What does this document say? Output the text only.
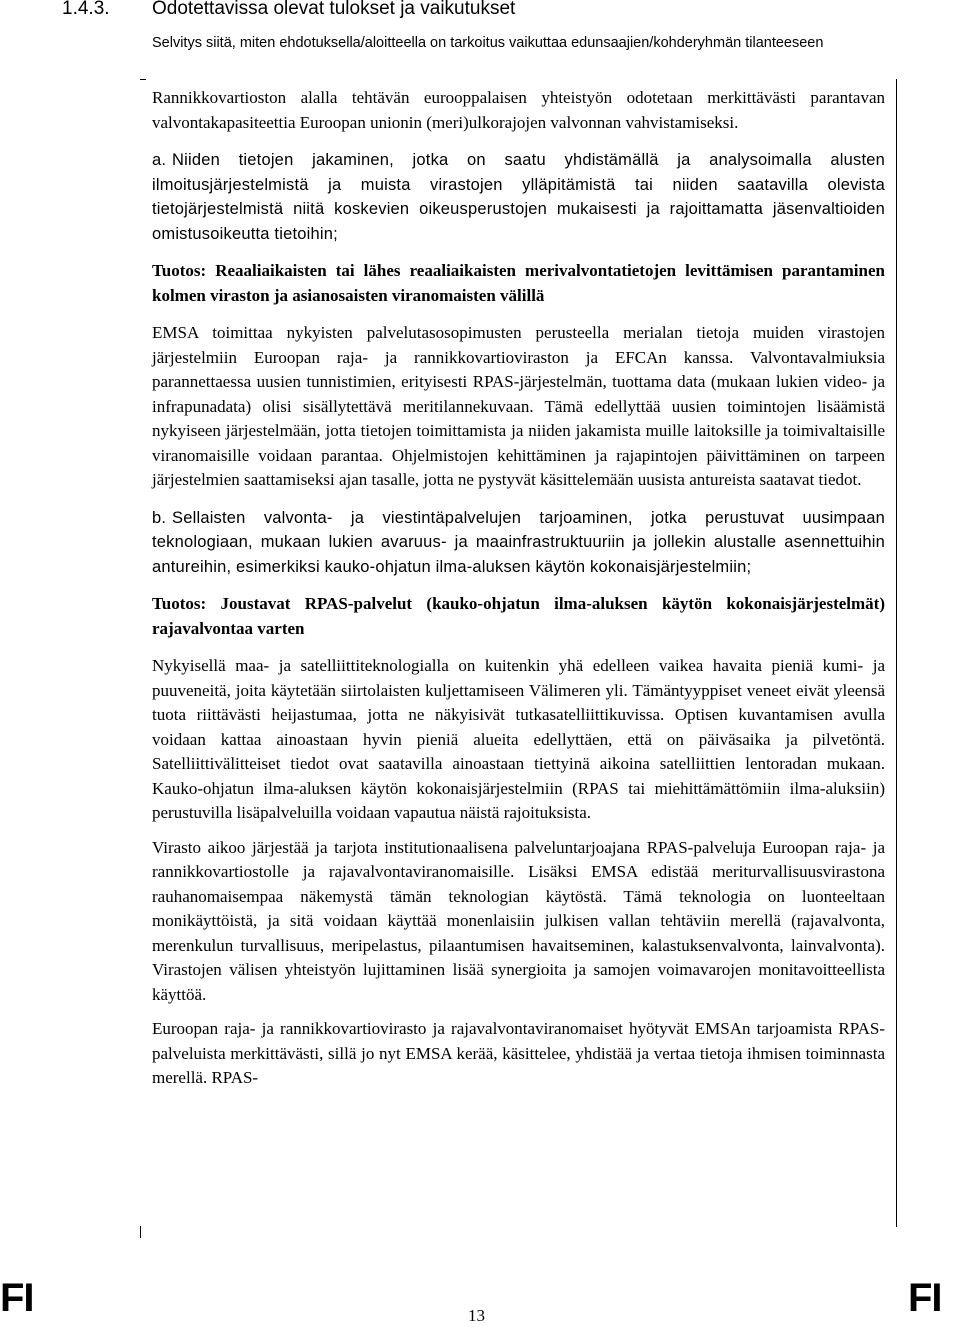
1.4.3. Odotettavissa olevat tulokset ja vaikutukset
Selvitys siitä, miten ehdotuksella/aloitteella on tarkoitus vaikuttaa edunsaajien/kohderyhmän tilanteeseen

Rannikkovartioston alalla tehtävän eurooppalaisen yhteistyön odotetaan merkittävästi parantavan valvontakapasiteettia Euroopan unionin (meri)ulkorajojen valvonnan vahvistamiseksi.

a. Niiden tietojen jakaminen, jotka on saatu yhdistämällä ja analysoimalla alusten ilmoitusjärjestelmistä ja muista virastojen ylläpitämistä tai niiden saatavilla olevista tietojärjestelmistä niitä koskevien oikeusperustojen mukaisesti ja rajoittamatta jäsenvaltioiden omistusoikeutta tietoihin;

Tuotos: Reaaliaikaisten tai lähes reaaliaikaisten merivalvontatietojen levittämisen parantaminen kolmen viraston ja asianosaisten viranomaisten välillä

EMSA toimittaa nykyisten palvelutasosopimusten perusteella merialan tietoja muiden virastojen järjestelmiin Euroopan raja- ja rannikkovartioviraston ja EFCAn kanssa. Valvontavalmiuksia parannettaessa uusien tunnistimien, erityisesti RPAS-järjestelmän, tuottama data (mukaan lukien video- ja infrapunadata) olisi sisällytettävä meritilannekuvaan. Tämä edellyttää uusien toimintojen lisäämistä nykyiseen järjestelmään, jotta tietojen toimittamista ja niiden jakamista muille laitoksille ja toimivaltaisille viranomaisille voidaan parantaa. Ohjelmistojen kehittäminen ja rajapintojen päivittäminen on tarpeen järjestelmien saattamiseksi ajan tasalle, jotta ne pystyvät käsittelemään uusista antureista saatavat tiedot.

b. Sellaisten valvonta- ja viestintäpalvelujen tarjoaminen, jotka perustuvat uusimpaan teknologiaan, mukaan lukien avaruus- ja maainfrastruktuuriin ja jollekin alustalle asennettuihin antureihin, esimerkiksi kauko-ohjatun ilma-aluksen käytön kokonaisjärjestelmiin;

Tuotos: Joustavat RPAS-palvelut (kauko-ohjatun ilma-aluksen käytön kokonaisjärjestelmät) rajavalvontaa varten

Nykyisellä maa- ja satelliittiteknologialla on kuitenkin yhä edelleen vaikea havaita pieniä kumi- ja puuveneitä, joita käytetään siirtolaisten kuljettamiseen Välimeren yli. Tämäntyyppiset veneet eivät yleensä tuota riittävästi heijastumaa, jotta ne näkyisivät tutkasatelliittikuvissa. Optisen kuvantamisen avulla voidaan kattaa ainoastaan hyvin pieniä alueita edellyttäen, että on päiväsaika ja pilvetöntä. Satelliittivälitteiset tiedot ovat saatavilla ainoastaan tiettyinä aikoina satelliittien lentoradan mukaan. Kauko-ohjatun ilma-aluksen käytön kokonaisjärjestelmiin (RPAS tai miehittämättömiin ilma-aluksiin) perustuvilla lisäpalveluilla voidaan vapautua näistä rajoituksista.

Virasto aikoo järjestää ja tarjota institutionaalisena palveluntarjoajana RPAS-palveluja Euroopan raja- ja rannikkovartiostolle ja rajavalvontaviranomaisille. Lisäksi EMSA edistää meriturvallisuusvirastona rauhanomaisempaa näkemystä tämän teknologian käytöstä. Tämä teknologia on luonteeltaan monikäyttöistä, ja sitä voidaan käyttää monenlaisiin julkisen vallan tehtäviin merellä (rajavalvonta, merenkulun turvallisuus, meripelastus, pilaantumisen havaitseminen, kalastuksenvalvonta, lainvalvonta). Virastojen välisen yhteistyön lujittaminen lisää synergioita ja samojen voimavarojen monitavoitteellista käyttöä.

Euroopan raja- ja rannikkovartiovirasto ja rajavalvontaviranomaiset hyötyvät EMSAn tarjoamista RPAS-palveluista merkittävästi, sillä jo nyt EMSA kerää, käsittelee, yhdistää ja vertaa tietoja ihmisen toiminnasta merellä. RPAS-

FI	13	FI
